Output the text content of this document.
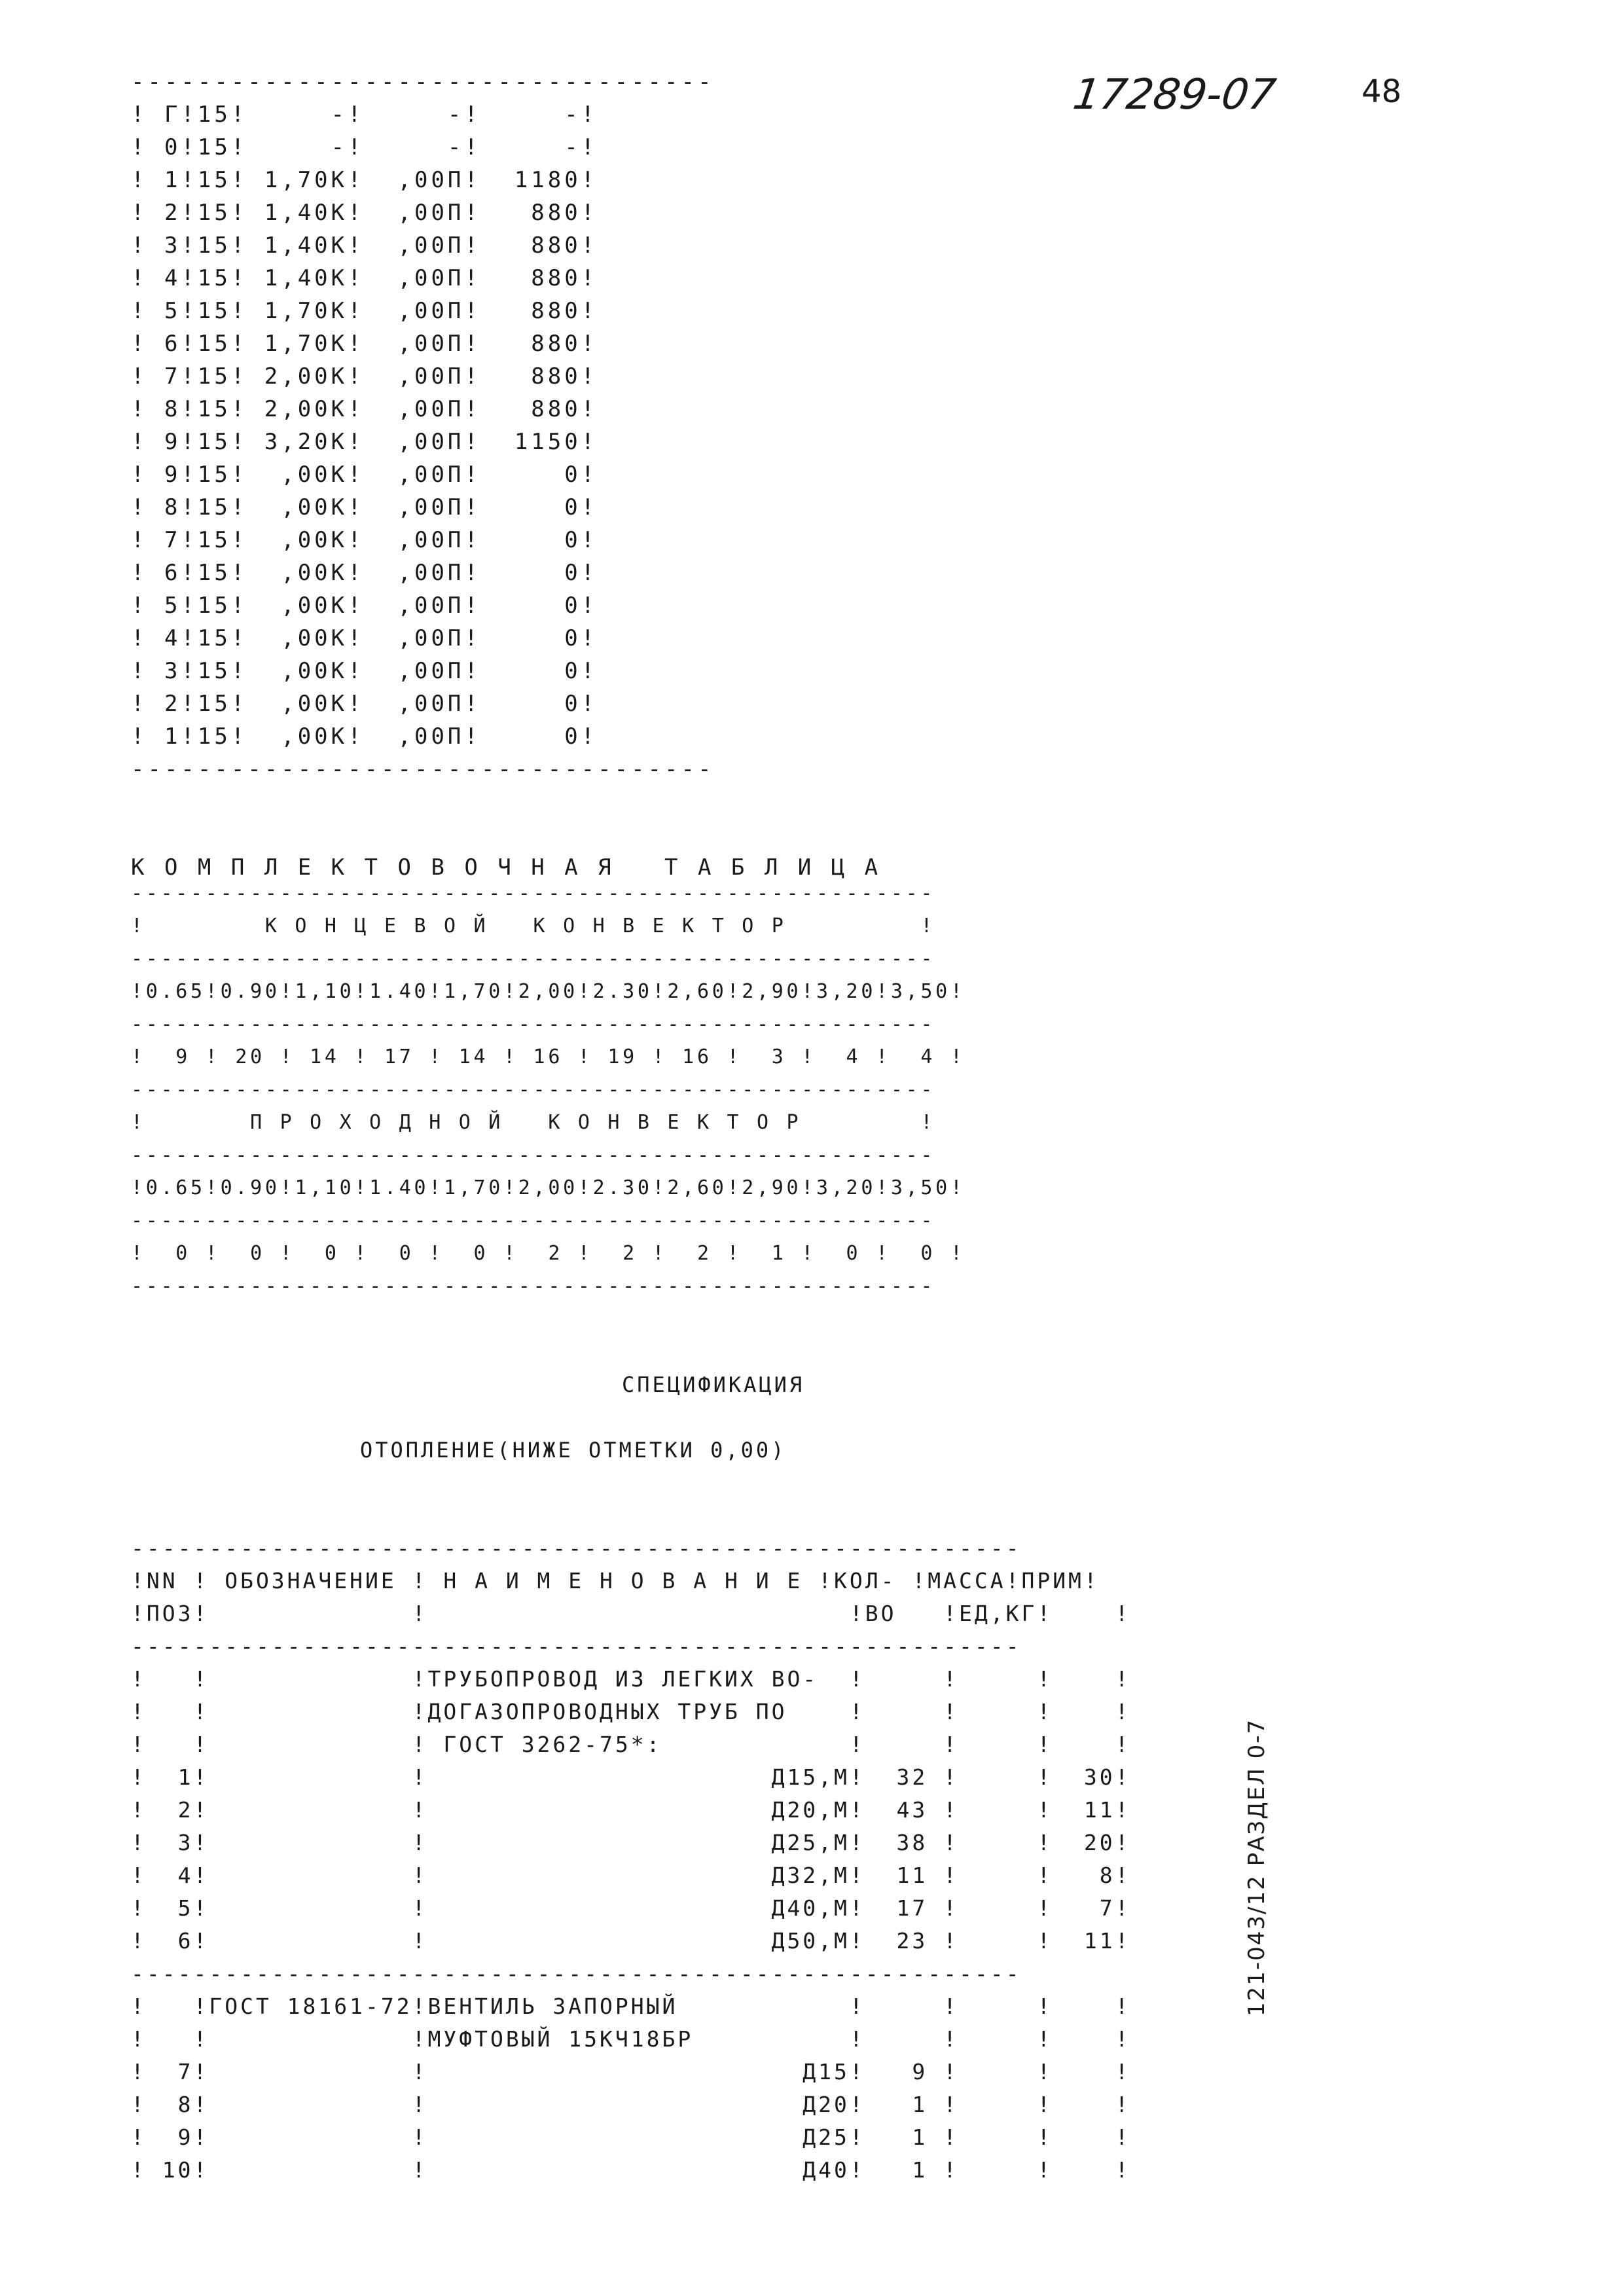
17289-07	48
-----------------------------------
! Г!15!     -!     -!     -!
! 0!15!     -!     -!     -!
! 1!15! 1,70К!  ,00П!  1180!
! 2!15! 1,40К!  ,00П!   880!
! 3!15! 1,40К!  ,00П!   880!
! 4!15! 1,40К!  ,00П!   880!
! 5!15! 1,70К!  ,00П!   880!
! 6!15! 1,70К!  ,00П!   880!
! 7!15! 2,00К!  ,00П!   880!
! 8!15! 2,00К!  ,00П!   880!
! 9!15! 3,20К!  ,00П!  1150!
! 9!15!  ,00К!  ,00П!     0!
! 8!15!  ,00К!  ,00П!     0!
! 7!15!  ,00К!  ,00П!     0!
! 6!15!  ,00К!  ,00П!     0!
! 5!15!  ,00К!  ,00П!     0!
! 4!15!  ,00К!  ,00П!     0!
! 3!15!  ,00К!  ,00П!     0!
! 2!15!  ,00К!  ,00П!     0!
! 1!15!  ,00К!  ,00П!     0!
-----------------------------------
К О М П Л Е К Т О В О Ч Н А Я   Т А Б Л И Ц А
------------------------------------------------------
!        К О Н Ц Е В О Й   К О Н В Е К Т О Р         !
------------------------------------------------------
!0.65!0.90!1,10!1.40!1,70!2,00!2.30!2,60!2,90!3,20!3,50!
------------------------------------------------------
!  9 ! 20 ! 14 ! 17 ! 14 ! 16 ! 19 ! 16 !  3 !  4 !  4 !
------------------------------------------------------
!       П Р О Х О Д Н О Й   К О Н В Е К Т О Р        !
------------------------------------------------------
!0.65!0.90!1,10!1.40!1,70!2,00!2.30!2,60!2,90!3,20!3,50!
------------------------------------------------------
!  0 !  0 !  0 !  0 !  0 !  2 !  2 !  2 !  1 !  0 !  0 !
------------------------------------------------------
СПЕЦИФИКАЦИЯ
ОТОПЛЕНИЕ(НИЖЕ ОТМЕТКИ 0,00)
---------------------------------------------------------
!NN ! ОБОЗНАЧЕНИЕ ! Н А И М Е Н О В А Н И Е !КОЛ- !МАССА!ПРИМ!
!ПОЗ!             !                           !ВО   !ЕД,КГ!    !
---------------------------------------------------------
!   !             !ТРУБОПРОВОД ИЗ ЛЕГКИХ ВО-  !     !     !    !
!   !             !ДОГАЗОПРОВОДНЫХ ТРУБ ПО    !     !     !    !
!   !             ! ГОСТ 3262-75*:            !     !     !    !
!  1!             !                      Д15,М!  32 !     !  30!
!  2!             !                      Д20,М!  43 !     !  11!
!  3!             !                      Д25,М!  38 !     !  20!
!  4!             !                      Д32,М!  11 !     !   8!
!  5!             !                      Д40,М!  17 !     !   7!
!  6!             !                      Д50,М!  23 !     !  11!
---------------------------------------------------------
!   !ГОСТ 18161-72!ВЕНТИЛЬ ЗАПОРНЫЙ           !     !     !    !
!   !             !МУФТОВЫЙ 15КЧ18БР          !     !     !    !
!  7!             !                        Д15!   9 !     !    !
!  8!             !                        Д20!   1 !     !    !
!  9!             !                        Д25!   1 !     !    !
! 10!             !                        Д40!   1 !     !    !
121-043/12 РАЗДЕЛ 0-7
